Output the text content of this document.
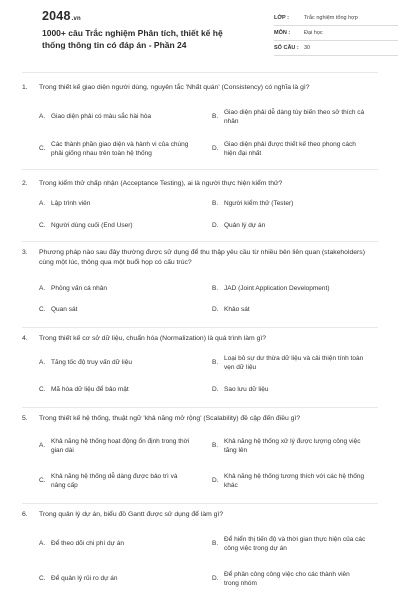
2048.vn
1000+ câu Trắc nghiệm Phân tích, thiết kế hệ thống thông tin có đáp án - Phần 24
LỚP :	Trắc nghiệm tổng hợp
MÔN :	Đại học
SỐ CÂU : 30
1.	Trong thiết kế giao diện người dùng, nguyên tắc 'Nhất quán' (Consistency) có nghĩa là gì?
A. Giao diện phải có màu sắc hài hòa	B.
Giao diện phải dễ dàng tùy biến theo sở thích cá nhân
C.
Các thành phần giao diện và hành vi của chúng phải giống nhau trên toàn hệ thống
D.
Giao diện phải được thiết kế theo phong cách hiện đại nhất
2.	Trong kiểm thử chấp nhận (Acceptance Testing), ai là người thực hiện kiểm thử?
A. Lập trình viên	B. Người kiểm thử (Tester)
C. Người dùng cuối (End User)	D. Quản lý dự án
3.	Phương pháp nào sau đây thường được sử dụng để thu thập yêu cầu từ nhiều bên liên quan (stakeholders) cùng một lúc, thông qua một buổi họp có cấu trúc?
A. Phỏng vấn cá nhân	B. JAD (Joint Application Development)
C. Quan sát	D. Khảo sát
4.	Trong thiết kế cơ sở dữ liệu, chuẩn hóa (Normalization) là quá trình làm gì?
A. Tăng tốc độ truy vấn dữ liệu	B.
Loại bỏ sự dư thừa dữ liệu và cải thiện tính toàn vẹn dữ liệu
C. Mã hóa dữ liệu để bảo mật	D. Sao lưu dữ liệu
5.	Trong thiết kế hệ thống, thuật ngữ 'khả năng mở rộng' (Scalability) đề cập đến điều gì?
A.
Khả năng hệ thống hoạt động ổn định trong thời gian dài
B.
Khả năng hệ thống xử lý được lượng công việc tăng lên
C.
Khả năng hệ thống dễ dàng được bảo trì và nâng cấp
D.
Khả năng hệ thống tương thích với các hệ thống khác
6.	Trong quản lý dự án, biểu đồ Gantt được sử dụng để làm gì?
A. Để theo dõi chi phí dự án	B.
Để hiển thị tiến độ và thời gian thực hiện của các công việc trong dự án
C. Để quản lý rủi ro dự án	D.
Để phân công công việc cho các thành viên trong nhóm
